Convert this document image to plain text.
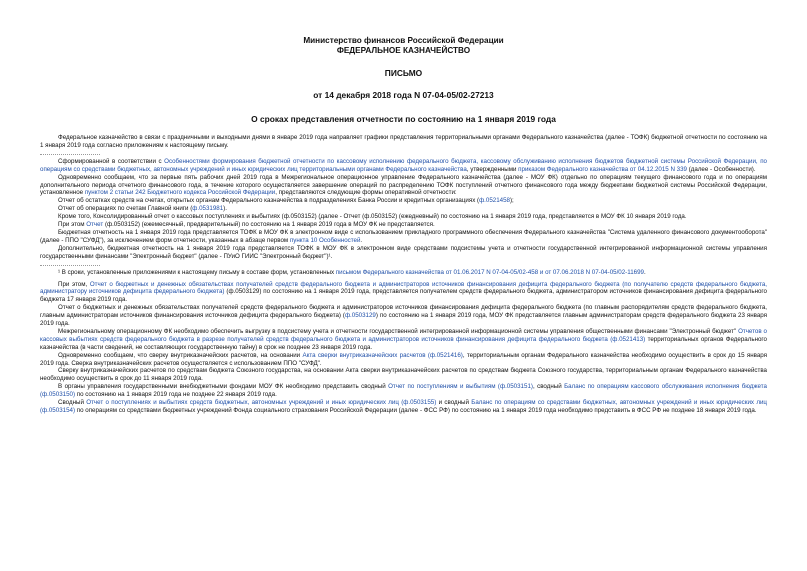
Министерство финансов Российской Федерации
ФЕДЕРАЛЬНОЕ КАЗНАЧЕЙСТВО
ПИСЬМО
от 14 декабря 2018 года N 07-04-05/02-27213
О сроках представления отчетности по состоянию на 1 января 2019 года

Федеральное казначейство в связи с праздничными и выходными днями в январе 2019 года направляет графики представления территориальными органами Федерального казначейства (далее - ТОФК) бюджетной отчетности по состоянию на 1 января 2019 года согласно приложениям к настоящему письму.

Сформированной в соответствии с Особенностями формирования бюджетной отчетности по кассовому исполнению федерального бюджета, кассовому обслуживанию исполнения бюджетов бюджетной системы Российской Федерации, по операциям со средствами бюджетных, автономных учреждений и иных юридических лиц территориальными органами Федерального казначейства, утвержденными приказом Федерального казначейства от 04.12.2015 N 339 (далее - Особенности).

Одновременно сообщаем, что за первые пять рабочих дней 2019 года в Межрегиональное операционное управление Федерального казначейства (далее - МОУ ФК) отдельно по операциям текущего финансового года и по операциям дополнительного периода отчетного финансового года, в течение которого осуществляется завершение операций по распределению ТОФК поступлений отчетного финансового года между бюджетами бюджетной системы Российской Федерации, установленное пунктом 2 статьи 242 Бюджетного кодекса Российской Федерации, представляются следующие формы оперативной отчетности:

Отчет об остатках средств на счетах, открытых органам Федерального казначейства в подразделениях Банка России и кредитных организациях (ф.0521458);

Отчет об операциях по счетам Главной книги (ф.0531981).

Кроме того, Консолидированный отчет о кассовых поступлениях и выбытиях (ф.0503152) (далее - Отчет (ф.0503152) (ежедневный) по состоянию на 1 января 2019 года, представляется в МОУ ФК 10 января 2019 года.

При этом Отчет (ф.0503152) (ежемесячный, предварительный) по состоянию на 1 января 2019 года в МОУ ФК не представляется.

Бюджетная отчетность на 1 января 2019 года представляется ТОФК в МОУ ФК в электронном виде с использованием прикладного программного обеспечения Федерального казначейства "Система удаленного финансового документооборота" (далее - ППО "СУФД"), за исключением форм отчетности, указанных в абзаце первом пункта 10 Особенностей.

Дополнительно, бюджетная отчетность на 1 января 2019 года представляется ТОФК в МОУ ФК в электронном виде средствами подсистемы учета и отчетности государственной интегрированной информационной системы управления государственными финансами "Электронный бюджет" (далее - ПУиО ГИИС "Электронный бюджет")¹.

¹ В сроки, установленные приложениями к настоящему письму в составе форм, установленных письмом Федерального казначейства от 01.06.2017 N 07-04-05/02-458 и от 07.06.2018 N 07-04-05/02-11699.

При этом, Отчет о бюджетных и денежных обязательствах получателей средств федерального бюджета и администраторов источников финансирования дефицита федерального бюджета (по получателю средств федерального бюджета, администратору источников дефицита федерального бюджета) (ф.0503129) по состоянию на 1 января 2019 года, представляется получателем средств федерального бюджета, администратором источников финансирования дефицита федерального бюджета 17 января 2019 года.

Отчет о бюджетных и денежных обязательствах получателей средств федерального бюджета и администраторов источников финансирования дефицита федерального бюджета (по главным распорядителям средств федерального бюджета, главным администраторам источников финансирования источников дефицита федерального бюджета) (ф.0503129) по состоянию на 1 января 2019 года, МОУ ФК представляется главным администраторам средств федерального бюджета 23 января 2019 года.

Межрегиональному операционному ФК необходимо обеспечить выгрузку в подсистему учета и отчетности государственной интегрированной информационной системы управления общественными финансами "Электронный бюджет" Отчетов о кассовых выбытиях средств федерального бюджета в разрезе получателей средств федерального бюджета и администраторов источников финансирования дефицита федерального бюджета (ф.0521413) территориальных органов Федерального казначейства (в части сведений, не составляющих государственную тайну) в срок не позднее 23 января 2019 года.

Одновременно сообщаем, что сверку внутриказначейских расчетов, на основании Акта сверки внутриказначейских расчетов (ф.0521416), территориальным органам Федерального казначейства необходимо осуществить в срок до 15 января 2019 года. Сверка внутриказначейских расчетов осуществляется с использованием ППО "СУФД".

Сверку внутриказначейских расчетов по средствам бюджета Союзного государства, на основании Акта сверки внутриказначейских расчетов по средствам бюджета Союзного государства, территориальным органам Федерального казначейства необходимо осуществить в срок до 11 января 2019 года.

В органы управления государственными внебюджетными фондами МОУ ФК необходимо представить сводный Отчет по поступлениям и выбытиям (ф.0503151), сводный Баланс по операциям кассового обслуживания исполнения бюджета (ф.0503150) по состоянию на 1 января 2019 года не позднее 22 января 2019 года.

Сводный Отчет о поступлениях и выбытиях средств бюджетных, автономных учреждений и иных юридических лиц (ф.0503155) и сводный Баланс по операциям со средствами бюджетных, автономных учреждений и иных юридических лиц (ф.0503154) по операциям со средствами бюджетных учреждений Фонда социального страхования Российской Федерации (далее - ФСС РФ) по состоянию на 1 января 2019 года необходимо представить в ФСС РФ не позднее 18 января 2019 года.
